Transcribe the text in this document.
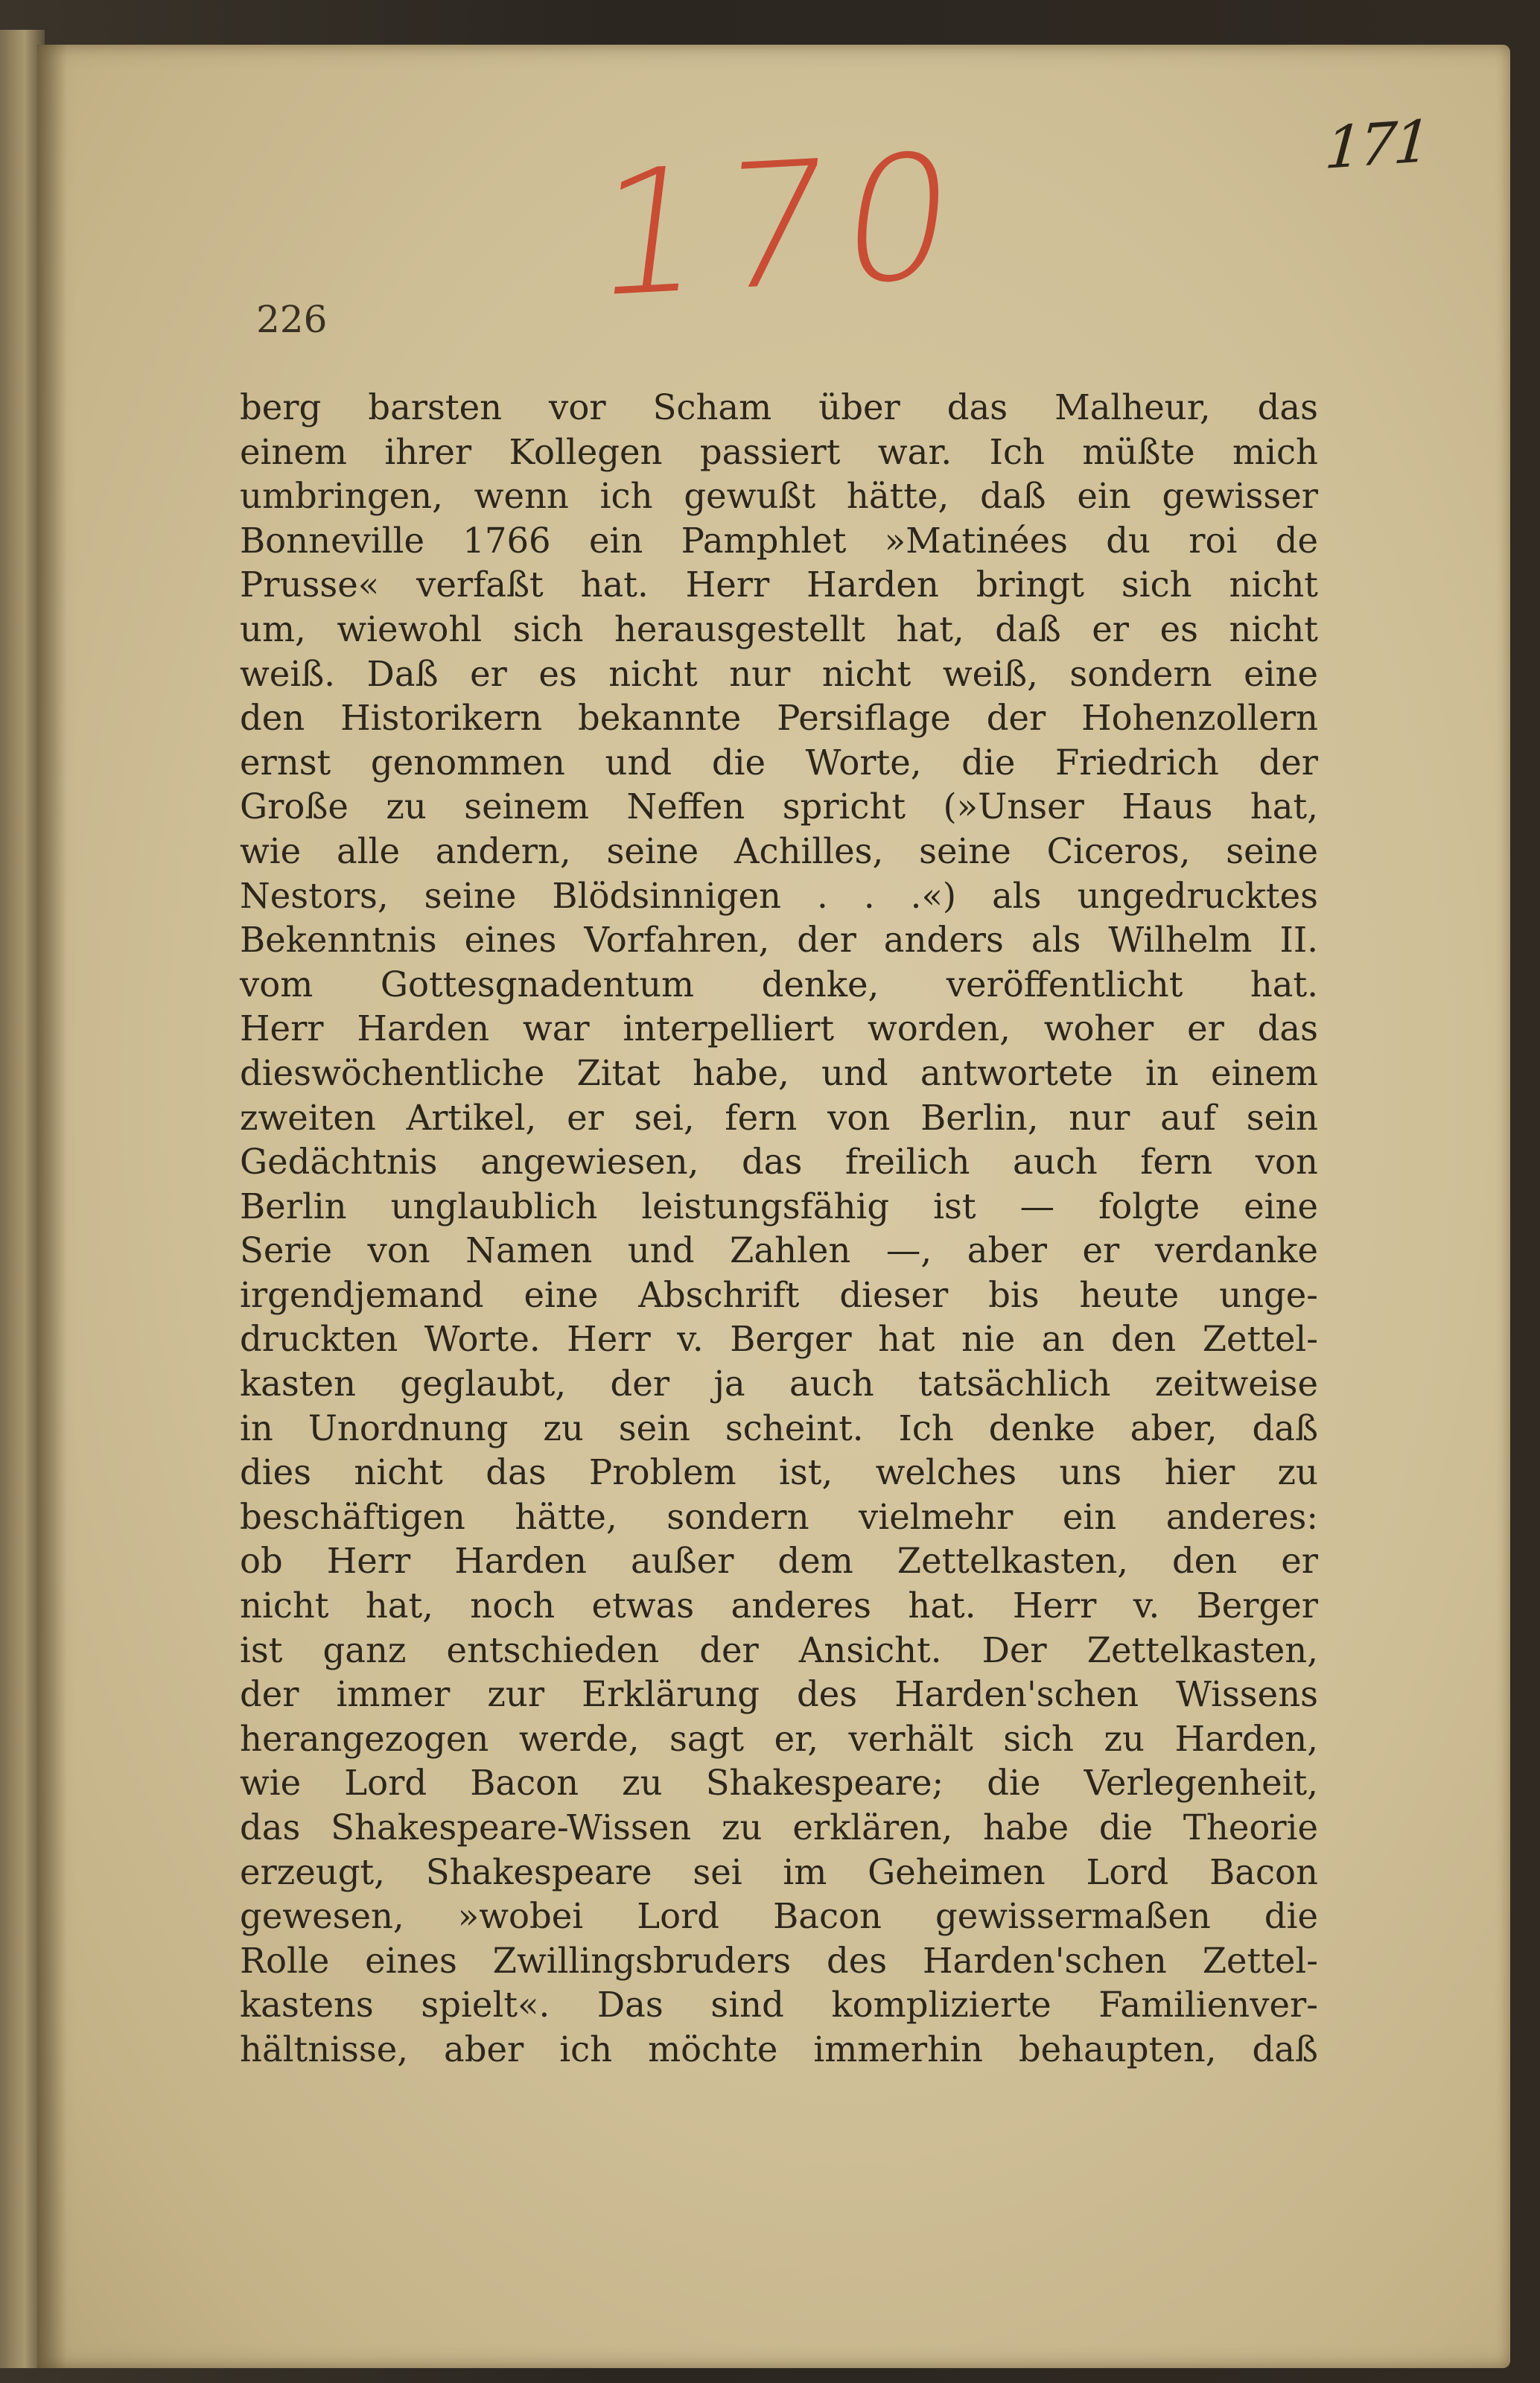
171
170
226
berg barsten vor Scham über das Malheur, das
einem ihrer Kollegen passiert war. Ich müßte mich
umbringen, wenn ich gewußt hätte, daß ein gewisser
Bonneville 1766 ein Pamphlet »Matinées du roi de
Prusse« verfaßt hat. Herr Harden bringt sich nicht
um, wiewohl sich herausgestellt hat, daß er es nicht
weiß. Daß er es nicht nur nicht weiß, sondern eine
den Historikern bekannte Persiflage der Hohenzollern
ernst genommen und die Worte, die Friedrich der
Große zu seinem Neffen spricht (»Unser Haus hat,
wie alle andern, seine Achilles, seine Ciceros, seine
Nestors, seine Blödsinnigen . . .«) als ungedrucktes
Bekenntnis eines Vorfahren, der anders als Wilhelm II.
vom Gottesgnadentum denke, veröffentlicht hat.
Herr Harden war interpelliert worden, woher er das
dieswöchentliche Zitat habe, und antwortete in einem
zweiten Artikel, er sei, fern von Berlin, nur auf sein
Gedächtnis angewiesen, das freilich auch fern von
Berlin unglaublich leistungsfähig ist — folgte eine
Serie von Namen und Zahlen —, aber er verdanke
irgendjemand eine Abschrift dieser bis heute unge-
druckten Worte. Herr v. Berger hat nie an den Zettel-
kasten geglaubt, der ja auch tatsächlich zeitweise
in Unordnung zu sein scheint. Ich denke aber, daß
dies nicht das Problem ist, welches uns hier zu
beschäftigen hätte, sondern vielmehr ein anderes:
ob Herr Harden außer dem Zettelkasten, den er
nicht hat, noch etwas anderes hat. Herr v. Berger
ist ganz entschieden der Ansicht. Der Zettelkasten,
der immer zur Erklärung des Harden'schen Wissens
herangezogen werde, sagt er, verhält sich zu Harden,
wie Lord Bacon zu Shakespeare; die Verlegenheit,
das Shakespeare-Wissen zu erklären, habe die Theorie
erzeugt, Shakespeare sei im Geheimen Lord Bacon
gewesen, »wobei Lord Bacon gewissermaßen die
Rolle eines Zwillingsbruders des Harden'schen Zettel-
kastens spielt«. Das sind komplizierte Familienver-
hältnisse, aber ich möchte immerhin behaupten, daß
